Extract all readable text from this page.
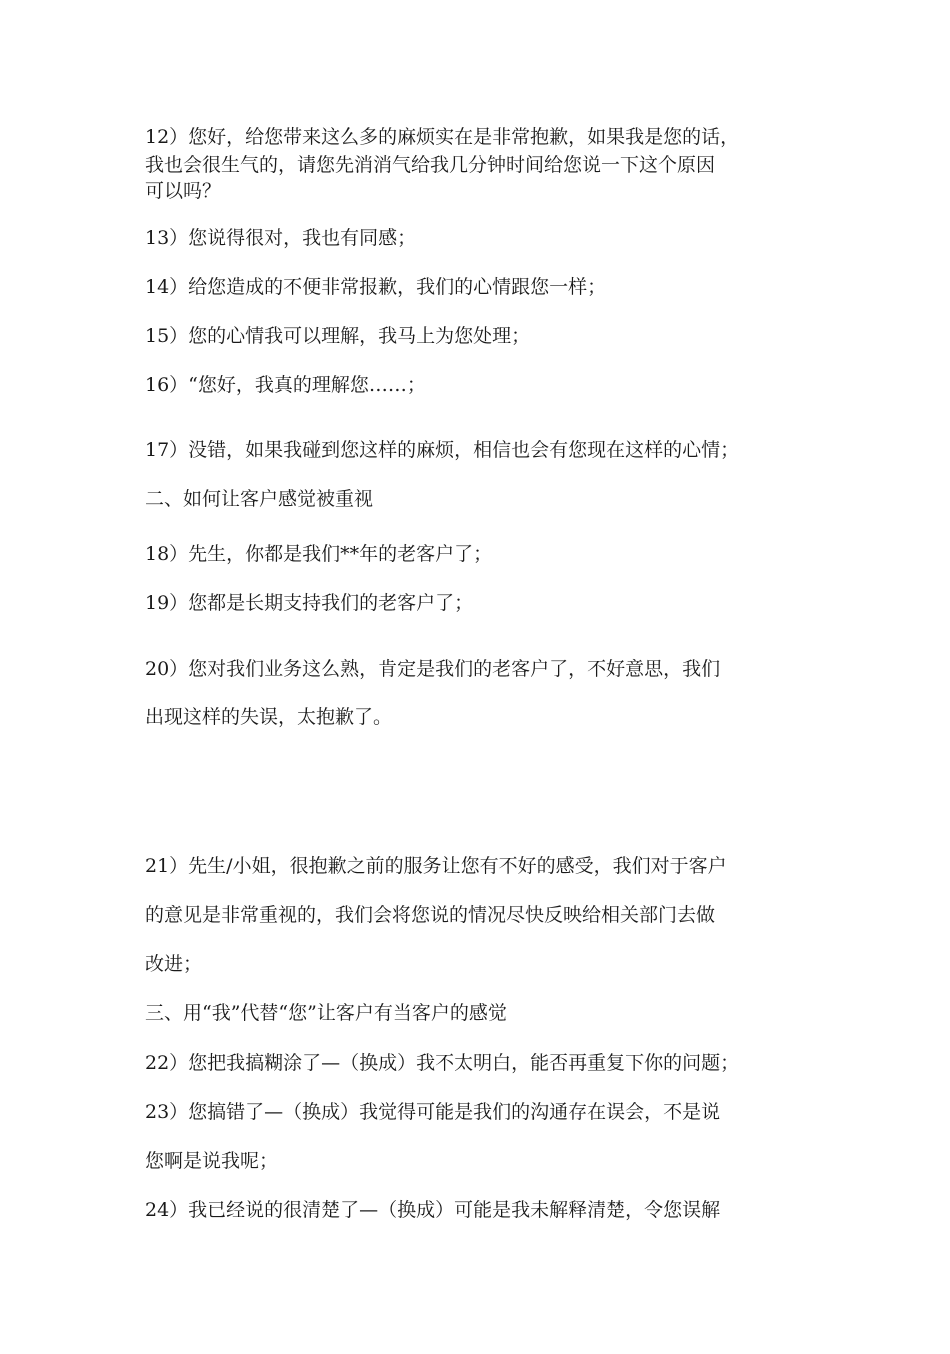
12）您好，给您带来这么多的麻烦实在是非常抱歉，如果我是您的话，
我也会很生气的，请您先消消气给我几分钟时间给您说一下这个原因
可以吗？
13）您说得很对，我也有同感；
14）给您造成的不便非常报歉，我们的心情跟您一样；
15）您的心情我可以理解，我马上为您处理；
16）“您好，我真的理解您……；
17）没错，如果我碰到您这样的麻烦，相信也会有您现在这样的心情；
二、如何让客户感觉被重视
18）先生，你都是我们**年的老客户了；
19）您都是长期支持我们的老客户了；
20）您对我们业务这么熟，肯定是我们的老客户了，不好意思，我们
出现这样的失误，太抱歉了。
21）先生/小姐，很抱歉之前的服务让您有不好的感受，我们对于客户
的意见是非常重视的，我们会将您说的情况尽快反映给相关部门去做
改进；
三、用“我”代替“您”让客户有当客户的感觉
22）您把我搞糊涂了—（换成）我不太明白，能否再重复下你的问题；
23）您搞错了—（换成）我觉得可能是我们的沟通存在误会，不是说
您啊是说我呢；
24）我已经说的很清楚了—（换成）可能是我未解释清楚，令您误解
